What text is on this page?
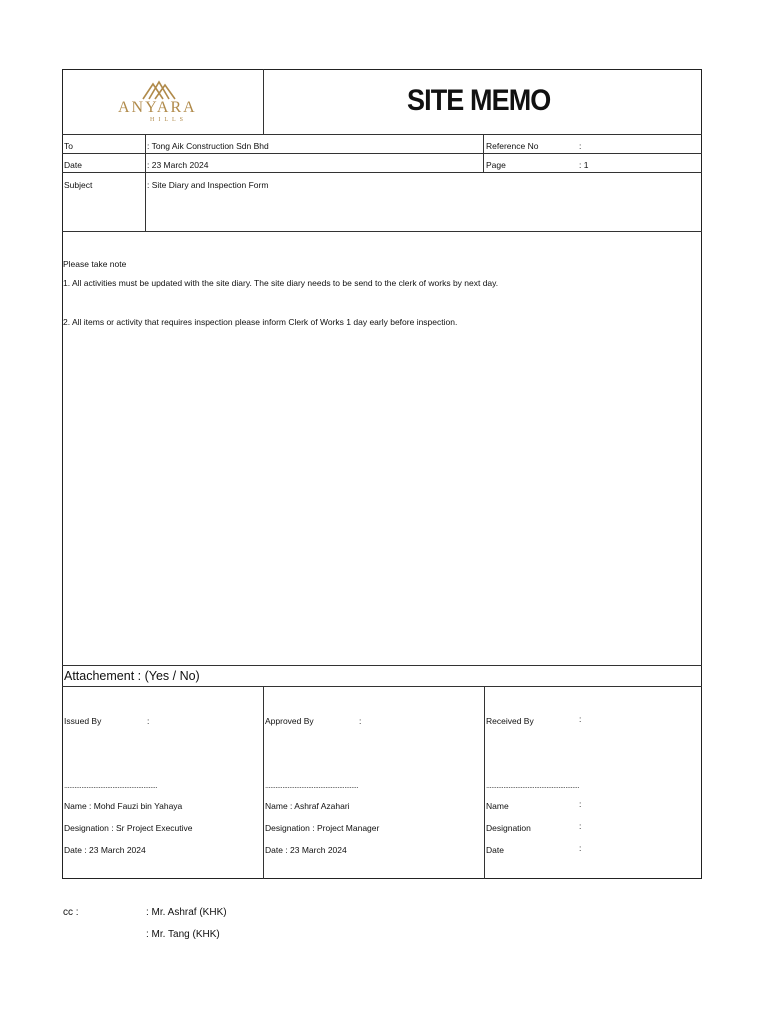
ANYARA
HILLS
SITE MEMO
To	: Tong Aik Construction Sdn Bhd	Reference No	:
Date	: 23 March 2024	Page	: 1
Subject	: Site Diary and Inspection Form
Please take note
1. All activities must be updated with the site diary. The site diary needs to be send to the clerk of works by next day.
2. All items or activity that requires inspection please inform Clerk of Works 1 day early before inspection.
Attachement : (Yes / No)
Issued By	:
......................................................
Name : Mohd Fauzi bin Yahaya
Designation : Sr Project Executive
Date : 23 March 2024
Approved By	:
......................................................
Name : Ashraf Azahari
Designation : Project Manager
Date : 23 March 2024
Received By	:
......................................................
Name	:
Designation	:
Date	:
cc :	: Mr. Ashraf (KHK)
: Mr. Tang (KHK)
